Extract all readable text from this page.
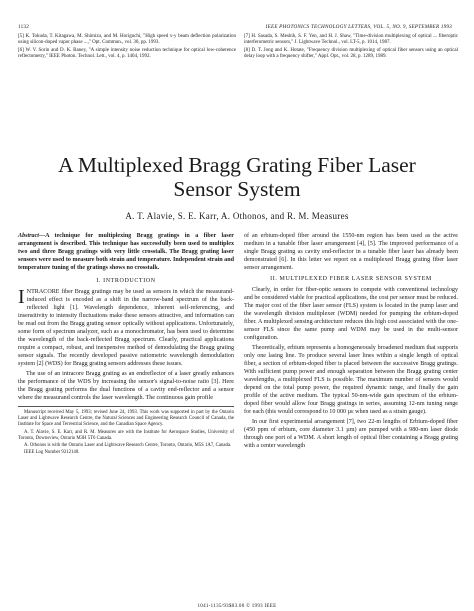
1132	IEEE PHOTONICS TECHNOLOGY LETTERS, VOL. 5, NO. 9, SEPTEMBER 1993
[5] K. Tokuda, T. Kitagawa, M. Shimizu, and M. Horiguchi, "High speed x-y beam deflection polarization using silicon-doped vapor phase ...," Opt. Commun., vol. 30, pp. 1993.
[6] W. V. Sorin and D. K. Baney, "A simple intensity noise reduction technique for optical low-coherence reflectometry," IEEE Photon. Technol. Lett., vol. 4, p. 1404, 1992.
[7] H. Sasada, S. Meshih, S. F. Yen, and H. J. Shaw, "Time-division multiplexing of optical ... fiberoptic interferometric sensors," J. Lightwave Technol., vol. LT-5, p. 1014, 1987.
[8] D. T. Jong and K. Hotate, "Frequency division multiplexing of optical fiber sensors using an optical delay loop with a frequency shifter," Appl. Opt., vol. 28, p. 1289, 1989.
A Multiplexed Bragg Grating Fiber Laser Sensor System
A. T. Alavie, S. E. Karr, A. Othonos, and R. M. Measures
Abstract—A technique for multiplexing Bragg gratings in a fiber laser arrangement is described. This technique has successfully been used to multiplex two and three Bragg gratings with very little crosstalk. The Bragg grating laser sensors were used to measure both strain and temperature. Independent strain and temperature tuning of the gratings shows no crosstalk.
I. INTRODUCTION

INTRACORE fiber Bragg gratings may be used as sensors in which the measurand-induced effect is encoded as a shift in the narrow-band spectrum of the back-reflected light [1]. Wavelength dependence, inherent self-referencing, and insensitivity to intensity fluctuations make these sensors attractive, and information can be read out from the Bragg grating sensor optically without applications. Unfortunately, some form of spectrum analyzer, such as a monochromator, has been used to determine the wavelength of the back-reflected Bragg spectrum. Clearly, practical applications require a compact, robust, and inexpensive method of demodulating the Bragg grating sensor signals. The recently developed passive ratiometric wavelength demodulation system [2] (WDS) for Bragg grating sensors addresses these issues.

The use of an intracore Bragg grating as an endreflector of a laser greatly enhances the performance of the WDS by increasing the sensor's signal-to-noise ratio [3]. Here the Bragg grating performs the dual functions of a cavity end-reflector and a sensor where the measurand controls the laser wavelength. The continuous gain profile

Manuscript received May 5, 1993; revised June 24, 1993. This work was supported in part by the Ontario Laser and Lightwave Research Centre, the Natural Sciences and Engineering Research Council of Canada, the Institute for Space and Terrestrial Science, and the Canadian Space Agency.

A. T. Alavie, S. E. Karr, and R. M. Measures are with the Institute for Aerospace Studies, University of Toronto, Downsview, Ontario M3H 5T6 Canada.

A. Othonos is with the Ontario Laser and Lightwave Research Centre, Toronto, Ontario, M5S 1A7, Canada.

IEEE Log Number 9212148.

of an erbium-doped fiber around the 1550-nm region has been used as the active medium in a tunable fiber laser arrangement [4], [5]. The improved performance of a single Bragg grating as cavity end-reflector in a tunable fiber laser has already been demonstrated [6]. In this letter we report on a multiplexed Bragg grating fiber laser sensor arrangement.

II. MULTIPLEXED FIBER LASER SENSOR SYSTEM

Clearly, in order for fiber-optic sensors to compete with conventional technology and be considered viable for practical applications, the cost per sensor must be reduced. The major cost of the fiber laser sensor (FLS) system is located in the pump laser and the wavelength division multiplexer (WDM) needed for pumping the erbium-doped fiber. A multiplexed sensing architecture reduces this high cost associated with the one-sensor FLS since the same pump and WDM may be used in the multi-sensor configuration.

Theoretically, erbium represents a homogeneously broadened medium that supports only one lasing line. To produce several laser lines within a single length of optical fiber, a section of erbium-doped fiber is placed between the successive Bragg gratings. With sufficient pump power and enough separation between the Bragg grating center wavelengths, a multiplexed FLS is possible. The maximum number of sensors would depend on the total pump power, the required dynamic range, and finally the gain profile of the active medium. The typical 50-nm-wide gain spectrum of the erbium-doped fiber would allow four Bragg gratings in series, assuming 12-nm tuning range for each (this would correspond to 10 000 µε when used as a strain gauge).

In our first experimental arrangement [7], two 22-m lengths of Erbium-doped fiber (450 ppm of erbium, core diameter 3.1 µm) are pumped with a 980-nm laser diode through one port of a WDM. A short length of optical fiber containing a Bragg grating with a center wavelength

1041-1135/93$03.00 © 1993 IEEE
